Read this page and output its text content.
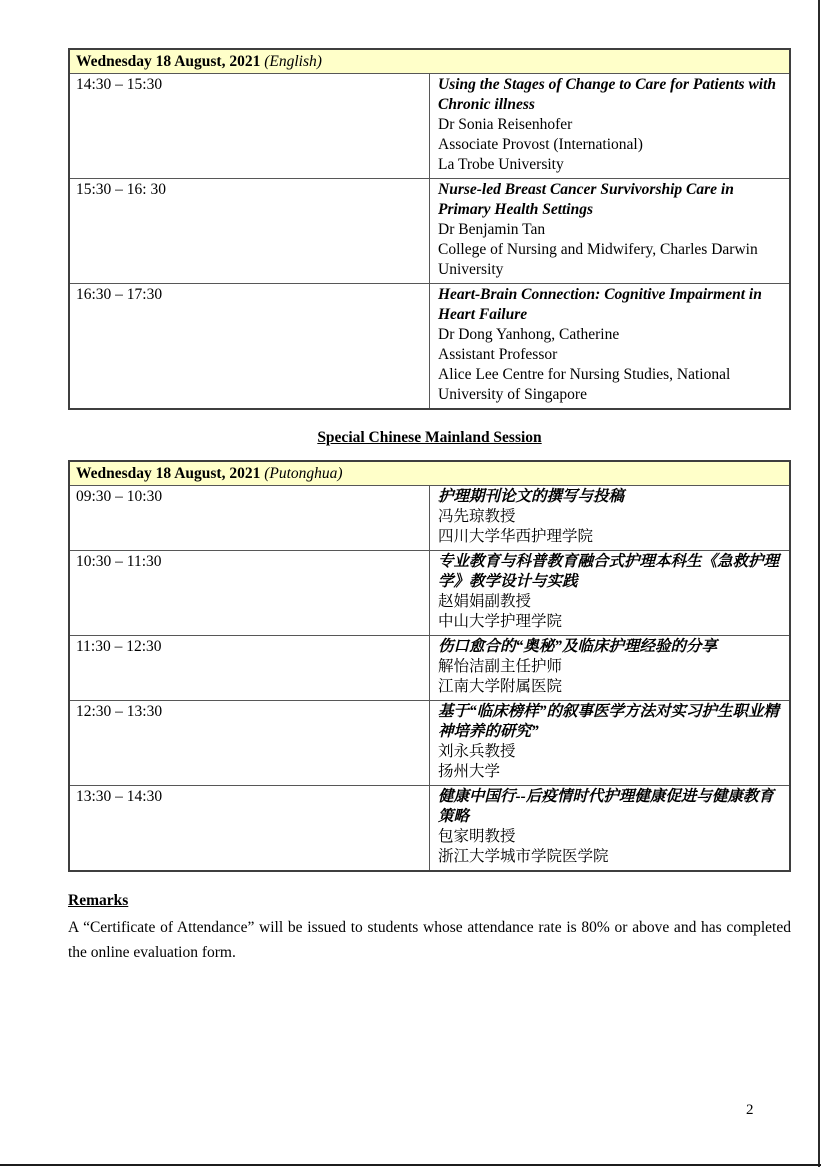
Wednesday 18 August, 2021 (English)	
14:30 – 15:30	Using the Stages of Change to Care for Patients with Chronic illness
Dr Sonia Reisenhofer
Associate Provost (International)
La Trobe University

15:30 – 16: 30	Nurse-led Breast Cancer Survivorship Care in Primary Health Settings
Dr Benjamin Tan
College of Nursing and Midwifery, Charles Darwin University

16:30 – 17:30	Heart-Brain Connection: Cognitive Impairment in Heart Failure
Dr Dong Yanhong, Catherine
Assistant Professor
Alice Lee Centre for Nursing Studies, National University of Singapore
Special Chinese Mainland Session
Wednesday 18 August, 2021 (Putonghua)	
09:30 – 10:30	护理期刊论文的撰写与投稿
冯先琼教授
四川大学华西护理学院

10:30 – 11:30	专业教育与科普教育融合式护理本科生《急救护理学》教学设计与实践
赵娟娟副教授
中山大学护理学院

11:30 – 12:30	伤口愈合的“奥秘”及临床护理经验的分享
解怡洁副主任护师
江南大学附属医院

12:30 – 13:30	基于“临床榜样”的叙事医学方法对实习护生职业精神培养的研究”
刘永兵教授
扬州大学

13:30 – 14:30	健康中国行--后疫情时代护理健康促进与健康教育策略
包家明教授
浙江大学城市学院医学院
Remarks
A “Certificate of Attendance” will be issued to students whose attendance rate is 80% or above and has completed the online evaluation form.
2
